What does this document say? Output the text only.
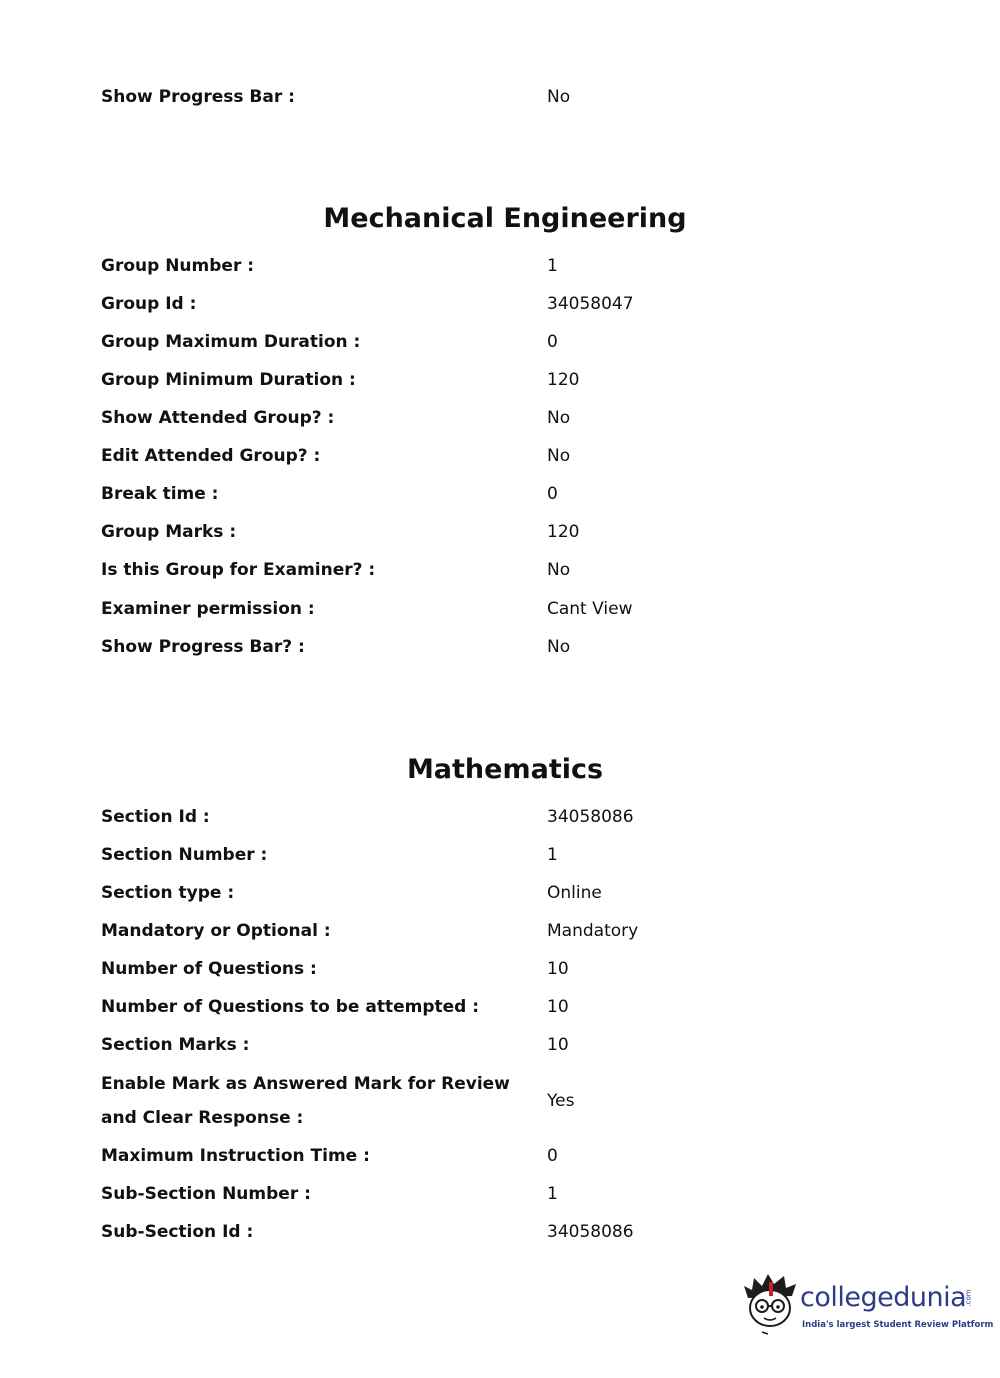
Show Progress Bar :	No
Mechanical Engineering
Group Number :	1
Group Id :	34058047
Group Maximum Duration :	0
Group Minimum Duration :	120
Show Attended Group? :	No
Edit Attended Group? :	No
Break time :	0
Group Marks :	120
Is this Group for Examiner? :	No
Examiner permission :	Cant View
Show Progress Bar? :	No
Mathematics
Section Id :	34058086
Section Number :	1
Section type :	Online
Mandatory or Optional :	Mandatory
Number of Questions :	10
Number of Questions to be attempted :	10
Section Marks :	10
Enable Mark as Answered Mark for Review and Clear Response :
Yes
Maximum Instruction Time :	0
Sub-Section Number :	1
Sub-Section Id :	34058086
collegedunia
.com
India's largest Student Review Platform
